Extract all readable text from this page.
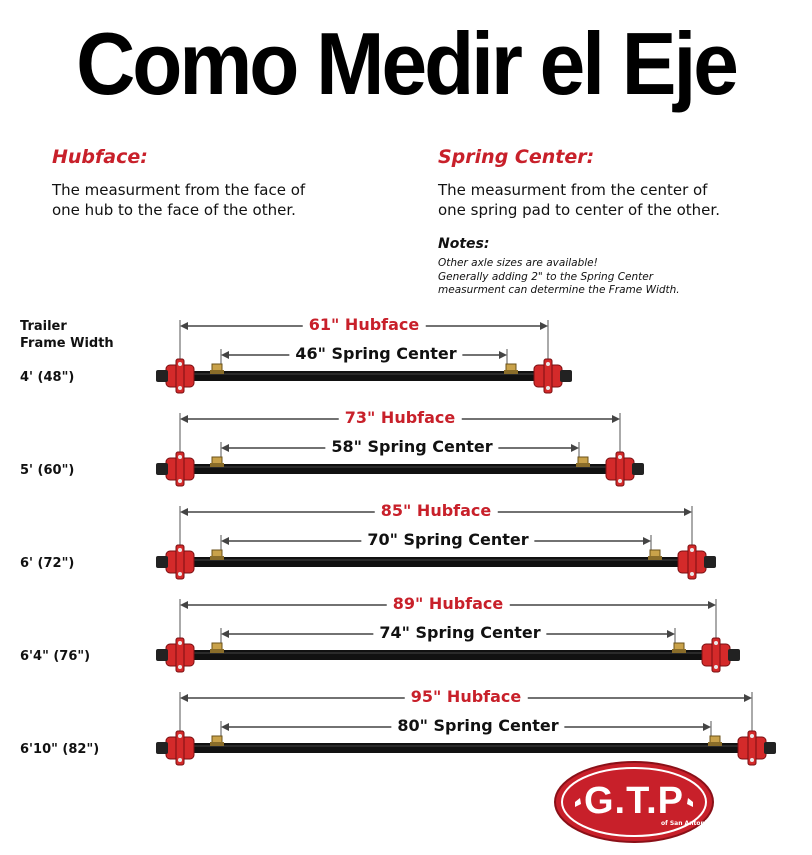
Como Medir el Eje
Hubface:
The measurment from the face of
one hub to the face of the other.
Spring Center:
The measurment from the center of
one spring pad to center of the other.
Notes:
Other axle sizes are available!
Generally adding 2" to the Spring Center
measurment can determine the Frame Width.
Trailer
Frame Width
61" Hubface
46" Spring Center
4' (48")
73" Hubface
58" Spring Center
5' (60")
85" Hubface
70" Spring Center
6' (72")
89" Hubface
74" Spring Center
6'4" (76")
95" Hubface
80" Spring Center
6'10" (82")
G.T.P
of San Antonio
